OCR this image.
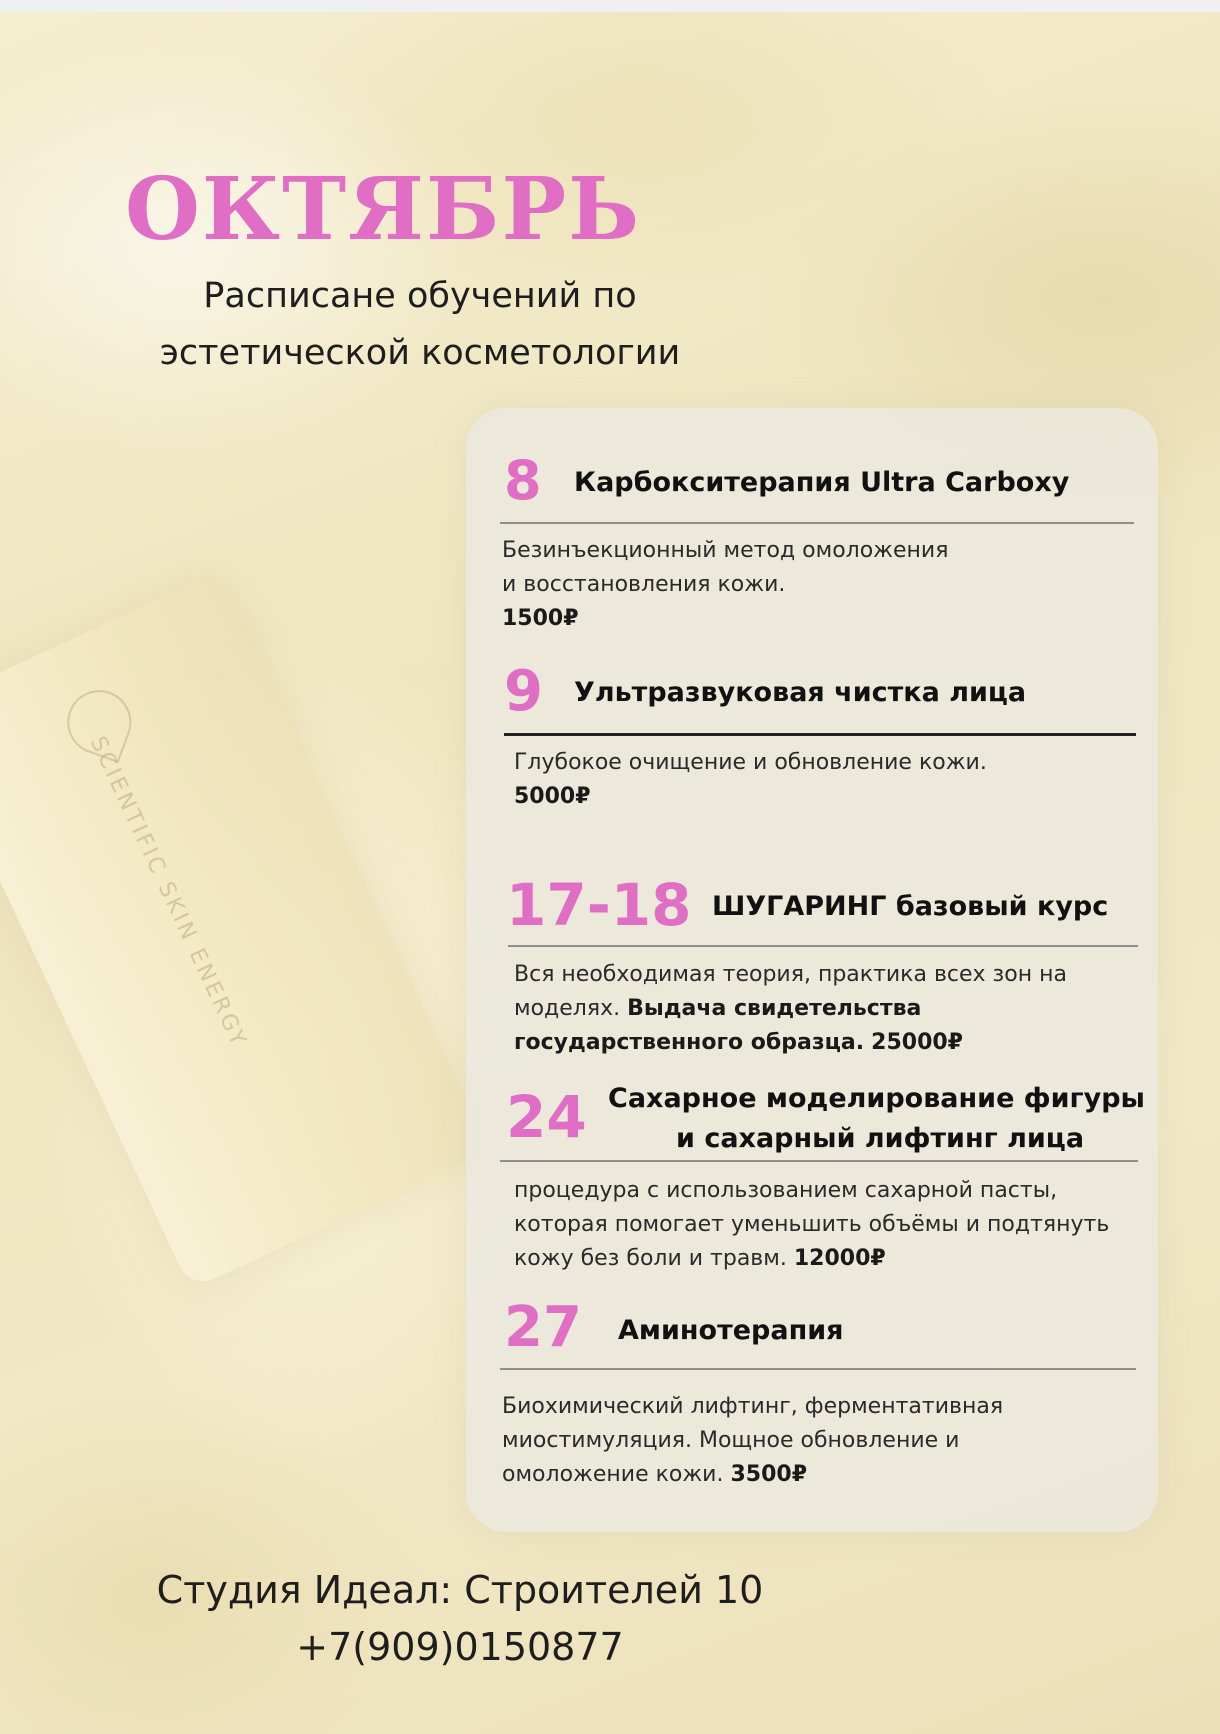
SCIENTIFIC SKIN ENERGY
ОКТЯБРЬ
Расписане обучений по
эстетической косметологии
8 Карбокситерапия Ultra Carboxy
Безинъекционный метод омоложения
и восстановления кожи.
1500₽
9 Ультразвуковая чистка лица
Глубокое очищение и обновление кожи.
5000₽
17-18 ШУГАРИНГ базовый курс
Вся необходимая теория, практика всех зон на
моделях. Выдача свидетельства
государственного образца. 25000₽
24 Сахарное моделирование фигуры
и сахарный лифтинг лица
процедура с использованием сахарной пасты,
которая помогает уменьшить объёмы и подтянуть
кожу без боли и травм. 12000₽
27 Аминотерапия
Биохимический лифтинг, ферментативная
миостимуляция. Мощное обновление и
омоложение кожи. 3500₽
Студия Идеал: Строителей 10
+7(909)0150877
